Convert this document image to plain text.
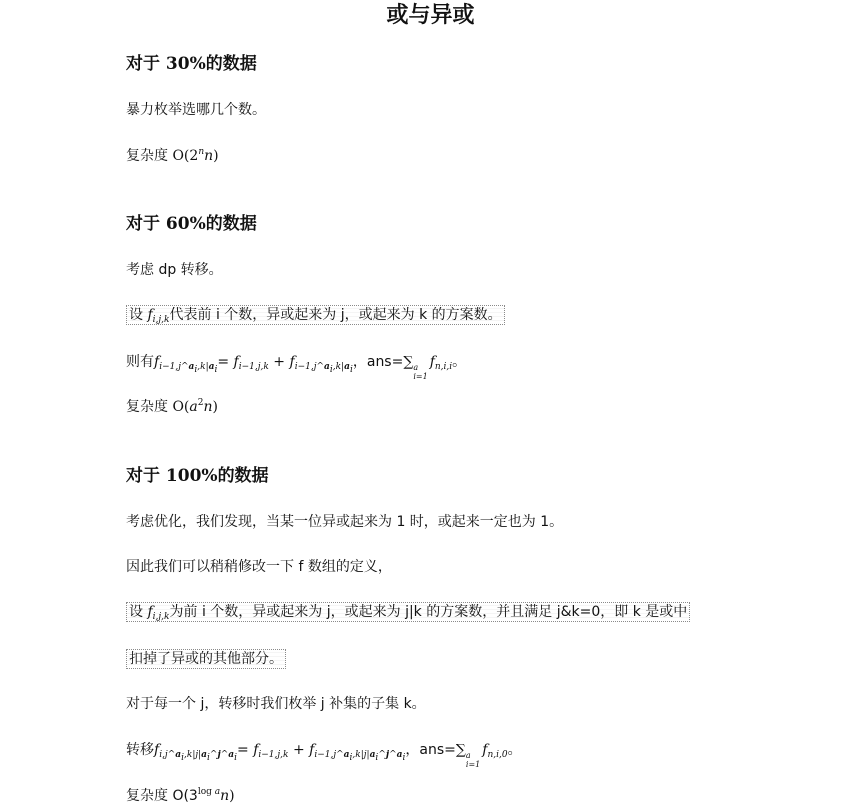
或与异或
对于 30%的数据
暴力枚举选哪几个数。
复杂度 O(2$^n$n)
对于 60%的数据
考虑 dp 转移。
设 $f_{i,j,k}$代表前 i 个数，异或起来为 j，或起来为 k 的方案数。
则有$f_{i-1,j\^{}a_i,k|a_i}= f_{i-1,j,k} + f_{i-1,j\^{}a_i,k|a_i}$，ans=∑ a
i=1
$f_{n,i,i}$。
复杂度 $O(a^2n)$
对于 100%的数据
考虑优化，我们发现，当某一位异或起来为 1 时，或起来一定也为 1。
因此我们可以稍稍修改一下 f 数组的定义，
设 $f_{i,j,k}$为前 i 个数，异或起来为 j，或起来为 j|k 的方案数，并且满足 j&k=0，即 k 是或中
扣掉了异或的其他部分。
对于每一个 j，转移时我们枚举 j 补集的子集 k。
转移$f_{i,j\^{}a_i,k|j|a_i\^{}j\^{}a_i}= f_{i-1,j,k} + f_{i-1,j\^{}a_i,k|j|a_i\^{}j\^{}a_i}$，ans=∑ a
i=1
$f_{n,i,0}$。
复杂度 $O(3^{log a}n)$
